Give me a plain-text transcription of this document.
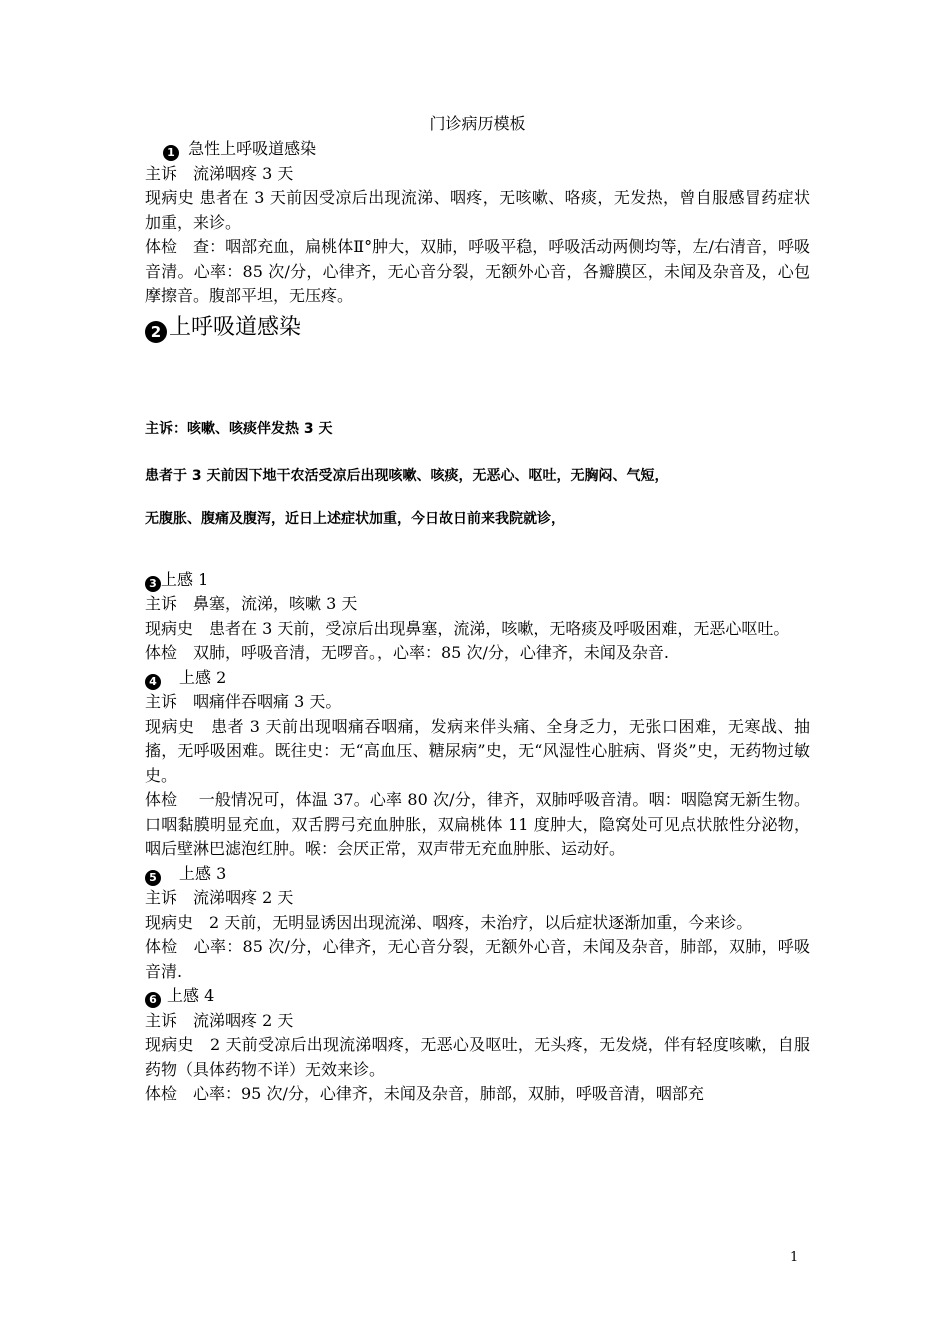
门诊病历模板
1 急性上呼吸道感染

主诉　流涕咽疼 3 天

现病史 患者在 3 天前因受凉后出现流涕、咽疼，无咳嗽、咯痰，无发热，曾自服感冒药症状加重，来诊。

体检　查：咽部充血，扁桃体Ⅱ°肿大，双肺，呼吸平稳，呼吸活动两侧均等，左/右清音，呼吸音清。心率：85 次/分，心律齐，无心音分裂，无额外心音，各瓣膜区，未闻及杂音及，心包摩擦音。腹部平坦，无压疼。

2 上呼吸道感染

主诉：咳嗽、咳痰伴发热 3 天

患者于 3 天前因下地干农活受凉后出现咳嗽、咳痰，无恶心、呕吐，无胸闷、气短，

无腹胀、腹痛及腹泻，近日上述症状加重，今日故日前来我院就诊，

3 上感 1

主诉　鼻塞，流涕，咳嗽 3 天

现病史　患者在 3 天前，受凉后出现鼻塞，流涕，咳嗽，无咯痰及呼吸困难，无恶心呕吐。

体检　双肺，呼吸音清，无啰音。，心率：85 次/分，心律齐，未闻及杂音.

4 上感 2

主诉　咽痛伴吞咽痛 3 天。

现病史　患者 3 天前出现咽痛吞咽痛，发病来伴头痛、全身乏力，无张口困难，无寒战、抽搐，无呼吸困难。既往史：无“高血压、糖尿病”史，无“风湿性心脏病、肾炎”史，无药物过敏史。

体检　 一般情况可，体温 37。心率 80 次/分，律齐，双肺呼吸音清。咽：咽隐窝无新生物。口咽黏膜明显充血，双舌腭弓充血肿胀，双扁桃体 11 度肿大，隐窝处可见点状脓性分泌物，咽后壁淋巴滤泡红肿。喉：会厌正常，双声带无充血肿胀、运动好。

5 上感 3

主诉　流涕咽疼 2 天

现病史　2 天前，无明显诱因出现流涕、咽疼，未治疗，以后症状逐渐加重，今来诊。

体检　心率：85 次/分，心律齐，无心音分裂，无额外心音，未闻及杂音，肺部，双肺，呼吸音清.

6 上感 4

主诉　流涕咽疼 2 天

现病史　2 天前受凉后出现流涕咽疼，无恶心及呕吐，无头疼，无发烧，伴有轻度咳嗽，自服药物（具体药物不详）无效来诊。

体检　心率：95 次/分，心律齐，未闻及杂音，肺部，双肺，呼吸音清，咽部充

1
